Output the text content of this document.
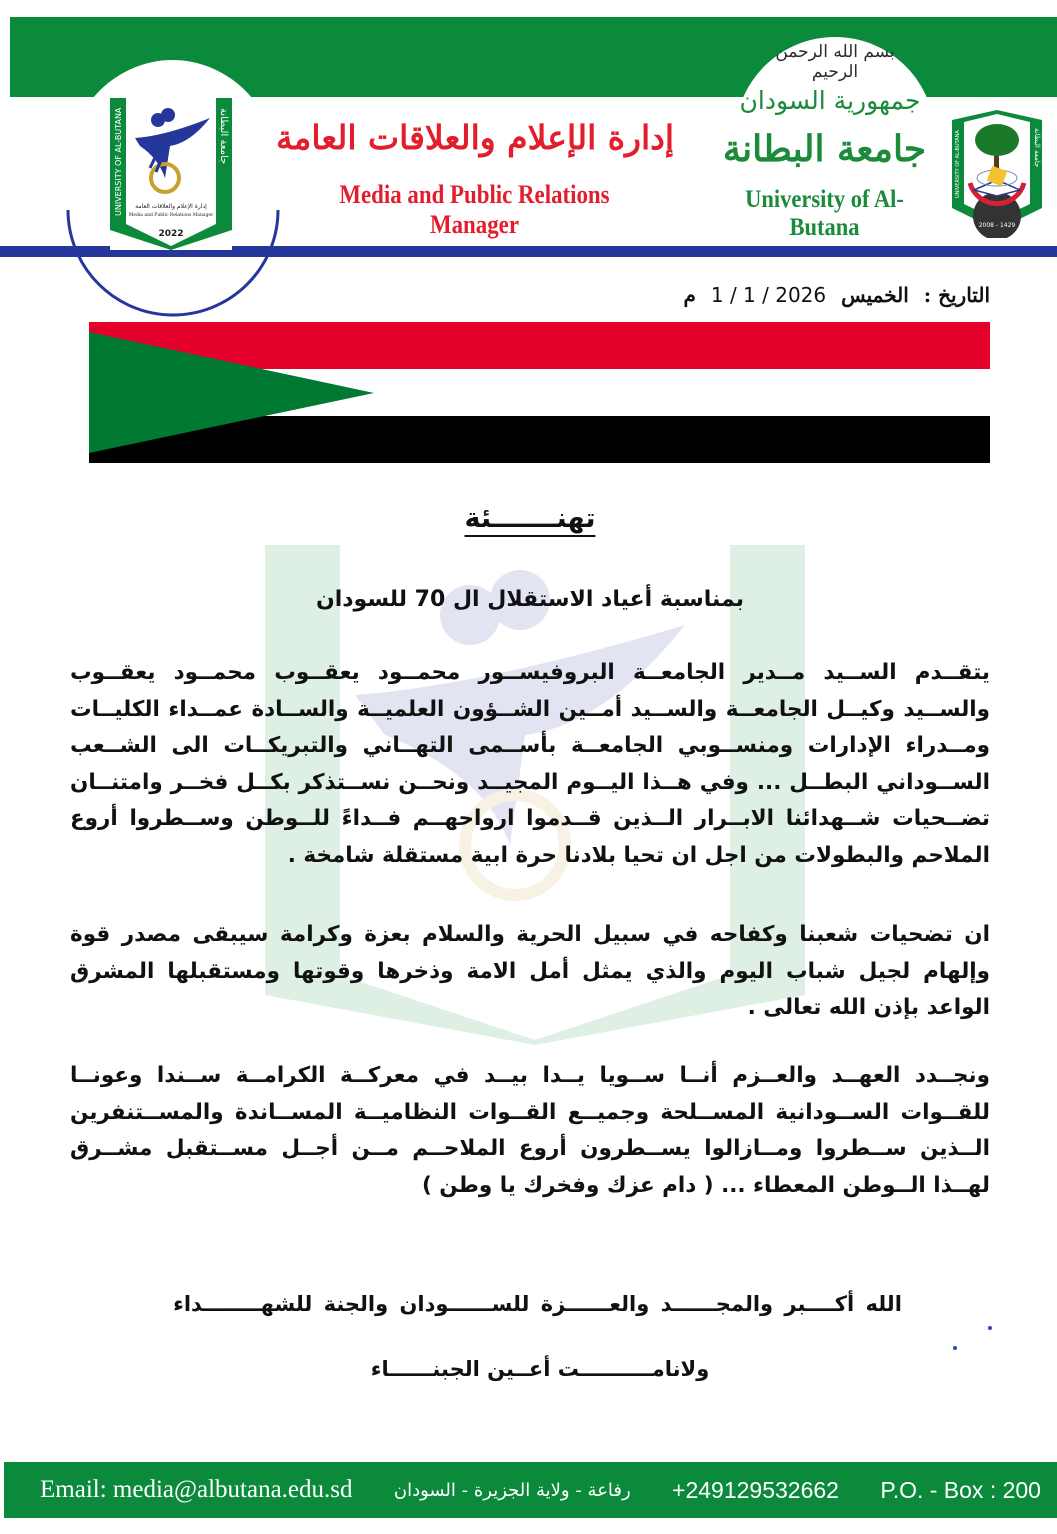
إدارة الإعلام والعلاقات العامة
Media and Public Relations Manager
2022
UNIVERSITY OF AL-BUTANA	جامعة البطانة إدارة الإعلام والعلاقات العامة
Media and Public Relations Manager
بسم الله الرحمن الرحيم
جمهورية السودان
جامعة البطانة
University of Al-Butana	2008 - 1429
UNIVERSITY OF AL-BUTANA	جامعة البطانة
التاريخ : الخميس 1 / 1 / 2026 م
تهنـــــــئة
بمناسبة أعياد الاستقلال ال 70 للسودان
يتقــدم الســيد مــدير الجامعــة البروفيســور محمــود يعقــوب محمــود يعقــوب والســيد وكيــل الجامعــة والســيد أمــين الشــؤون العلميــة والســادة عمــداء الكليــات ومــدراء الإدارات ومنســوبي الجامعــة بأســمى التهــاني والتبريكــات الى الشــعب الســوداني البطــل ... وفي هــذا اليــوم المجيــد ونحــن نســتذكر بكــل فخــر وامتنــان تضــحيات شــهدائنا الابــرار الــذين قــدموا ارواحهــم فــداءً للــوطن وســطروا أروع الملاحم والبطولات من اجل ان تحيا بلادنا حرة ابية مستقلة شامخة .
ان تضحيات شعبنا وكفاحه في سبيل الحرية والسلام بعزة وكرامة سيبقى مصدر قوة وإلهام لجيل شباب اليوم والذي يمثل أمل الامة وذخرها وقوتها ومستقبلها المشرق الواعد بإذن الله تعالى .
ونجــدد العهــد والعــزم أنــا ســويا يــدا بيــد في معركــة الكرامــة ســندا وعونــا للقــوات الســودانية المســلحة وجميــع القــوات النظاميــة المســاندة والمســتنفرين الــذين ســطروا ومــازالوا يســطرون أروع الملاحــم مــن أجــل مســتقبل مشــرق لهــذا الــوطن المعطاء ... ( دام عزك وفخرك يا وطن )
الله أكــــبر والمجــــــد والعــــــزة للســــــودان والجنة للشهــــــــداء
ولانامــــــــــت أعــين الجبنــــــاء
Email: media@albutana.edu.sd رفاعة - ولاية الجزيرة - السودان +249129532662 P.O. - Box : 200
